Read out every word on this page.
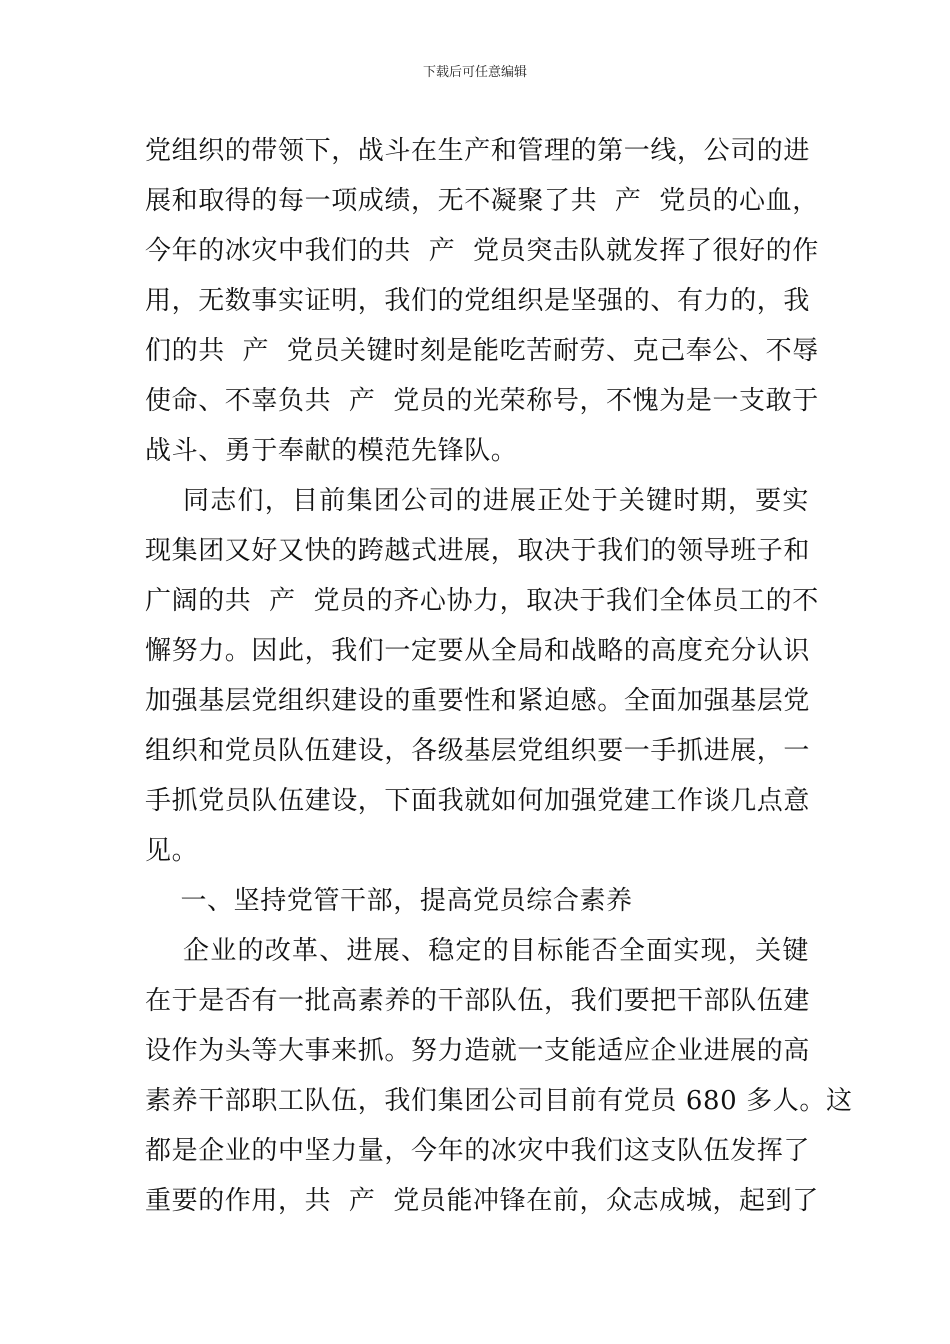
下载后可任意编辑
党组织的带领下，战斗在生产和管理的第一线，公司的进
展和取得的每一项成绩，无不凝聚了共  产  党员的心血，
今年的冰灾中我们的共  产  党员突击队就发挥了很好的作
用，无数事实证明，我们的党组织是坚强的、有力的，我
们的共  产  党员关键时刻是能吃苦耐劳、克己奉公、不辱
使命、不辜负共  产  党员的光荣称号，不愧为是一支敢于
战斗、勇于奉献的模范先锋队。
同志们，目前集团公司的进展正处于关键时期，要实
现集团又好又快的跨越式进展，取决于我们的领导班子和
广阔的共  产  党员的齐心协力，取决于我们全体员工的不
懈努力。因此，我们一定要从全局和战略的高度充分认识
加强基层党组织建设的重要性和紧迫感。全面加强基层党
组织和党员队伍建设，各级基层党组织要一手抓进展，一
手抓党员队伍建设，下面我就如何加强党建工作谈几点意
见。
一、坚持党管干部，提高党员综合素养
企业的改革、进展、稳定的目标能否全面实现，关键
在于是否有一批高素养的干部队伍，我们要把干部队伍建
设作为头等大事来抓。努力造就一支能适应企业进展的高
素养干部职工队伍，我们集团公司目前有党员 680 多人。这
都是企业的中坚力量，今年的冰灾中我们这支队伍发挥了
重要的作用，共  产  党员能冲锋在前，众志成城，起到了
